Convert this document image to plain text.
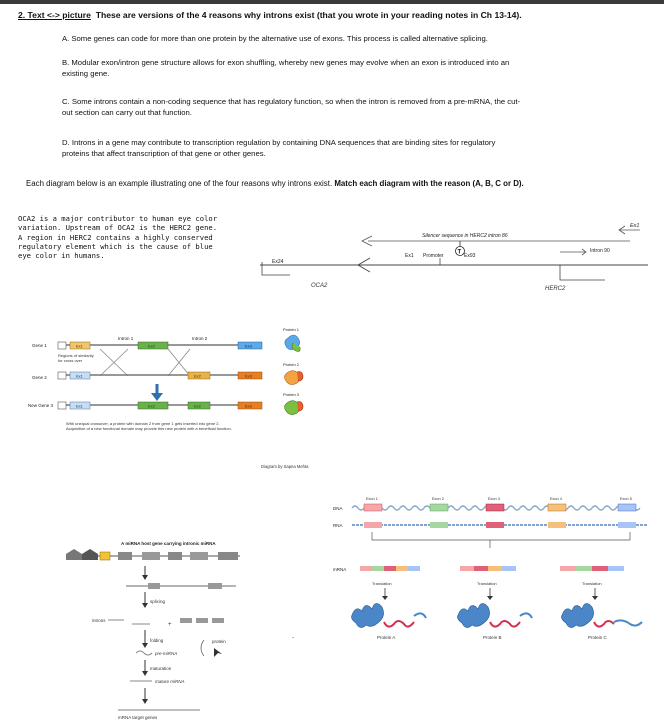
2. Text <-> picture These are versions of the 4 reasons why introns exist (that you wrote in your reading notes in Ch 13-14).
A. Some genes can code for more than one protein by the alternative use of exons. This process is called alternative splicing.
B. Modular exon/intron gene structure allows for exon shuffling, whereby new genes may evolve when an exon is introduced into an
existing gene.
C. Some introns contain a non-coding sequence that has regulatory function, so when the intron is removed from a pre-mRNA, the cut-
out section can carry out that function.
D. Introns in a gene may contribute to transcription regulation by containing DNA sequences that are binding sites for regulatory
proteins that affect transcription of that gene or other genes.
Each diagram below is an example illustrating one of the four reasons why introns exist. Match each diagram with the reason (A, B, C or D).
OCA2 is a major contributor to human eye color
variation. Upstream of OCA2 is the HERC2 gene.
A region in HERC2 contains a highly conserved
regulatory element which is the cause of blue
eye color in humans.
Ex1
Silencer sequence in HERC2 intron 86
T	Intron 90
Ex1 Promoter	Ex93
Ex24
OCA2	HERC2
Gene 1
Gene 2
New Gene 3
Intron 1	Intron 2
Ex1	Ex2	Ex3
Regions of similarity
for cross over
Ex1	Ex2	Ex3
Ex1	Ex2	Ex2	Ex3
Protein 1
Protein 2
Protein 3
With unequal crossover, a protein with domain 2 from gene 1 gets inserted into gene 2.
Acquisition of a new functional domain may provide this new protein with a beneficial function.
Diagram by Sapna Mehta
A miRNA host gene carrying intronic miRNA
splicing
introns
+
folding	protein
pre-miRNA
maturation
mature miRNA
mRNA target genes
.
DNA
RNA
Exon 1	Exon 2	Exon 3	Exon 4	Exon 5
mRNA
Translation	Translation	Translation
Protein A	Protein B	Protein C
